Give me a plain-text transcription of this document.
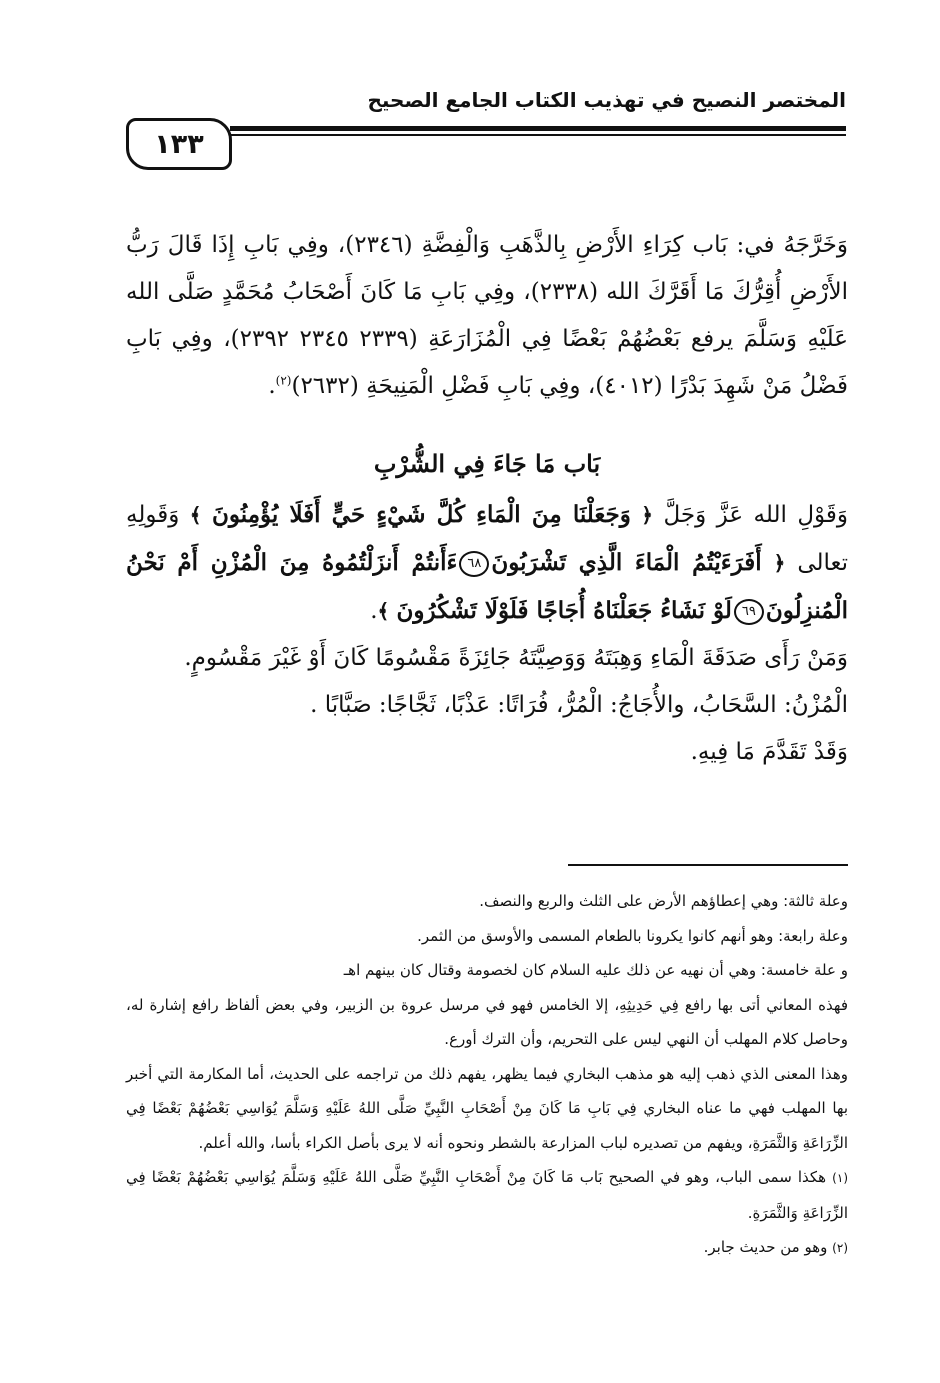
المختصر النصيح في تهذيب الكتاب الجامع الصحيح
١٣٣

وَخَرَّجَهُ في: بَاب كِرَاءِ الأَرْضِ بِالذَّهَبِ وَالْفِضَّةِ (٢٣٤٦)، وفِي بَابِ إِذَا قَالَ رَبُّ الأَرْضِ أُقِرُّكَ مَا أَقَرَّكَ الله (٢٣٣٨)، وفِي بَابِ مَا كَانَ أَصْحَابُ مُحَمَّدٍ صَلَّى الله عَلَيْهِ وَسَلَّمَ يرفع بَعْضُهُمْ بَعْضًا فِي الْمُزَارَعَةِ (٢٣٣٩ ٢٣٤٥ ٢٣٩٢)، وفِي بَابِ فَضْلُ مَنْ شَهِدَ بَدْرًا (٤٠١٢)، وفِي بَابِ فَضْلِ الْمَنِيحَةِ (٢٦٣٢)$^{(٢)}$.

بَاب مَا جَاءَ فِي الشُّرْبِ

وَقَوْلِ الله عَزَّ وَجَلَّ ﴿ وَجَعَلْنَا مِنَ الْمَاءِ كُلَّ شَيْءٍ حَيٍّ أَفَلَا يُؤْمِنُونَ ﴾ وَقَولِهِ تعالى ﴿ أَفَرَءَيْتُمُ الْمَاءَ الَّذِي تَشْرَبُونَ٦٨ءَأَنتُمْ أَنزَلْتُمُوهُ مِنَ الْمُزْنِ أَمْ نَحْنُ الْمُنزِلُونَ٦٩لَوْ نَشَاءُ جَعَلْنَاهُ أُجَاجًا فَلَوْلَا تَشْكُرُونَ ﴾.

وَمَنْ رَأَى صَدَقَةَ الْمَاءِ وَهِبَتَهُ وَوَصِيَّتَهُ جَائِزَةً مَقْسُومًا كَانَ أَوْ غَيْرَ مَقْسُومٍ.

الْمُزْنُ: السَّحَابُ، والأُجَاجُ: الْمُرُّ، فُرَاتًا: عَذْبًا، ثَجَّاجًا: صَبَّابًا .

وَقَدْ تَقَدَّمَ مَا فِيهِ.

وعلة ثالثة: وهي إعطاؤهم الأرض على الثلث والربع والنصف.

وعلة رابعة: وهو أنهم كانوا يكرونا بالطعام المسمى والأوسق من الثمر.

و علة خامسة: وهي أن نهيه عن ذلك عليه السلام كان لخصومة وقتال كان بينهم اهـ

فهذه المعاني أتى بها رافع فِي حَدِيثِهِ، إلا الخامس فهو في مرسل عروة بن الزبير، وفي بعض ألفاظ رافع إشارة له، وحاصل كلام المهلب أن النهي ليس على التحريم، وأن الترك أورع.

وهذا المعنى الذي ذهب إليه هو مذهب البخاري فيما يظهر، يفهم ذلك من تراجمه على الحديث، أما المكارمة التي أخبر بها المهلب فهي ما عناه البخاري فِي بَابِ مَا كَانَ مِنْ أَصْحَابِ النَّبِيِّ صَلَّى اللهُ عَلَيْهِ وَسَلَّمَ يُوَاسِي بَعْضُهُمْ بَعْضًا فِي الزِّرَاعَةِ وَالثَّمَرَةِ، ويفهم من تصديره لباب المزارعة بالشطر ونحوه أنه لا يرى بأصل الكراء بأسا، والله أعلم.

(١) هكذا سمى الباب، وهو في الصحيح بَاب مَا كَانَ مِنْ أَصْحَابِ النَّبِيِّ صَلَّى اللهُ عَلَيْهِ وَسَلَّمَ يُوَاسِي بَعْضُهُمْ بَعْضًا فِي الزِّرَاعَةِ وَالثَّمَرَةِ.

(٢) وهو من حديث جابر.
